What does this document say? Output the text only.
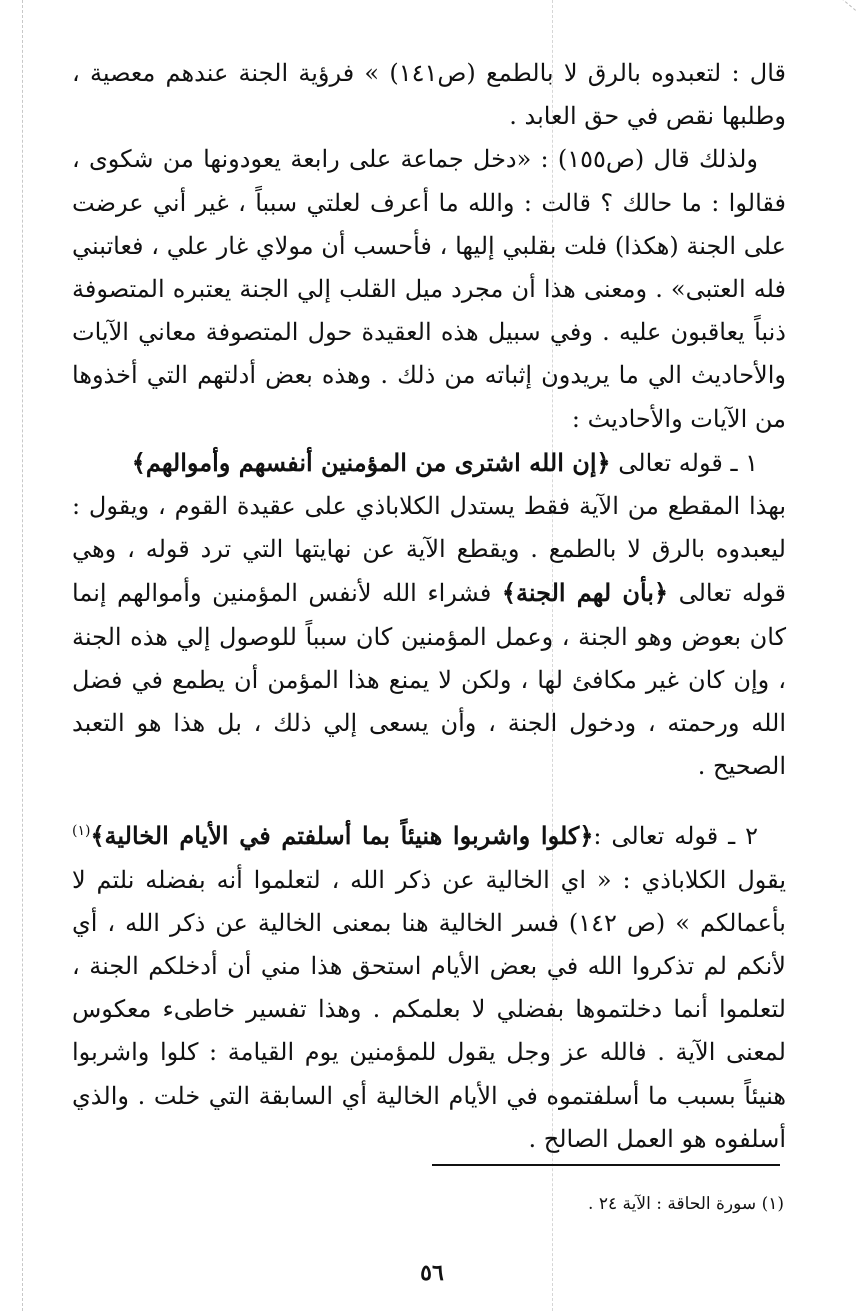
قال : لتعبدوه بالرق لا بالطمع (ص١٤١) » فرؤية الجنة عندهم معصية ، وطلبها نقص في حق العابد .

ولذلك قال (ص١٥٥) : «دخل جماعة على رابعة يعودونها من شكوى ، فقالوا : ما حالك ؟ قالت : والله ما أعرف لعلتي سبباً ، غير أني عرضت على الجنة (هكذا) فلت بقلبي إليها ، فأحسب أن مولاي غار علي ، فعاتبني فله العتبى» . ومعنى هذا أن مجرد ميل القلب إلي الجنة يعتبره المتصوفة ذنباً يعاقبون عليه . وفي سبيل هذه العقيدة حول المتصوفة معاني الآيات والأحاديث الي ما يريدون إثباته من ذلك . وهذه بعض أدلتهم التي أخذوها من الآيات والأحاديث :

١ ـ قوله تعالى ﴿إن الله اشترى من المؤمنين أنفسهم وأموالهم﴾

بهذا المقطع من الآية فقط يستدل الكلاباذي على عقيدة القوم ، ويقول : ليعبدوه بالرق لا بالطمع . ويقطع الآية عن نهايتها التي ترد قوله ، وهي قوله تعالى ﴿بأن لهم الجنة﴾ فشراء الله لأنفس المؤمنين وأموالهم إنما كان بعوض وهو الجنة ، وعمل المؤمنين كان سبباً للوصول إلي هذه الجنة ، وإن كان غير مكافئ لها ، ولكن لا يمنع هذا المؤمن أن يطمع في فضل الله ورحمته ، ودخول الجنة ، وأن يسعى إلي ذلك ، بل هذا هو التعبد الصحيح .

٢ ـ قوله تعالى :﴿كلوا واشربوا هنيئاً بما أسلفتم في الأيام الخالية﴾$^{(١)}$ يقول الكلاباذي : « اي الخالية عن ذكر الله ، لتعلموا أنه بفضله نلتم لا بأعمالكم » (ص ١٤٢) فسر الخالية هنا بمعنى الخالية عن ذكر الله ، أي لأنكم لم تذكروا الله في بعض الأيام استحق هذا مني أن أدخلكم الجنة ، لتعلموا أنما دخلتموها بفضلي لا بعلمكم . وهذا تفسير خاطىء معكوس لمعنى الآية . فالله عز وجل يقول للمؤمنين يوم القيامة : كلوا واشربوا هنيئاً بسبب ما أسلفتموه في الأيام الخالية أي السابقة التي خلت . والذي أسلفوه هو العمل الصالح .

(١) سورة الحاقة : الآية ٢٤ .
٥٦
